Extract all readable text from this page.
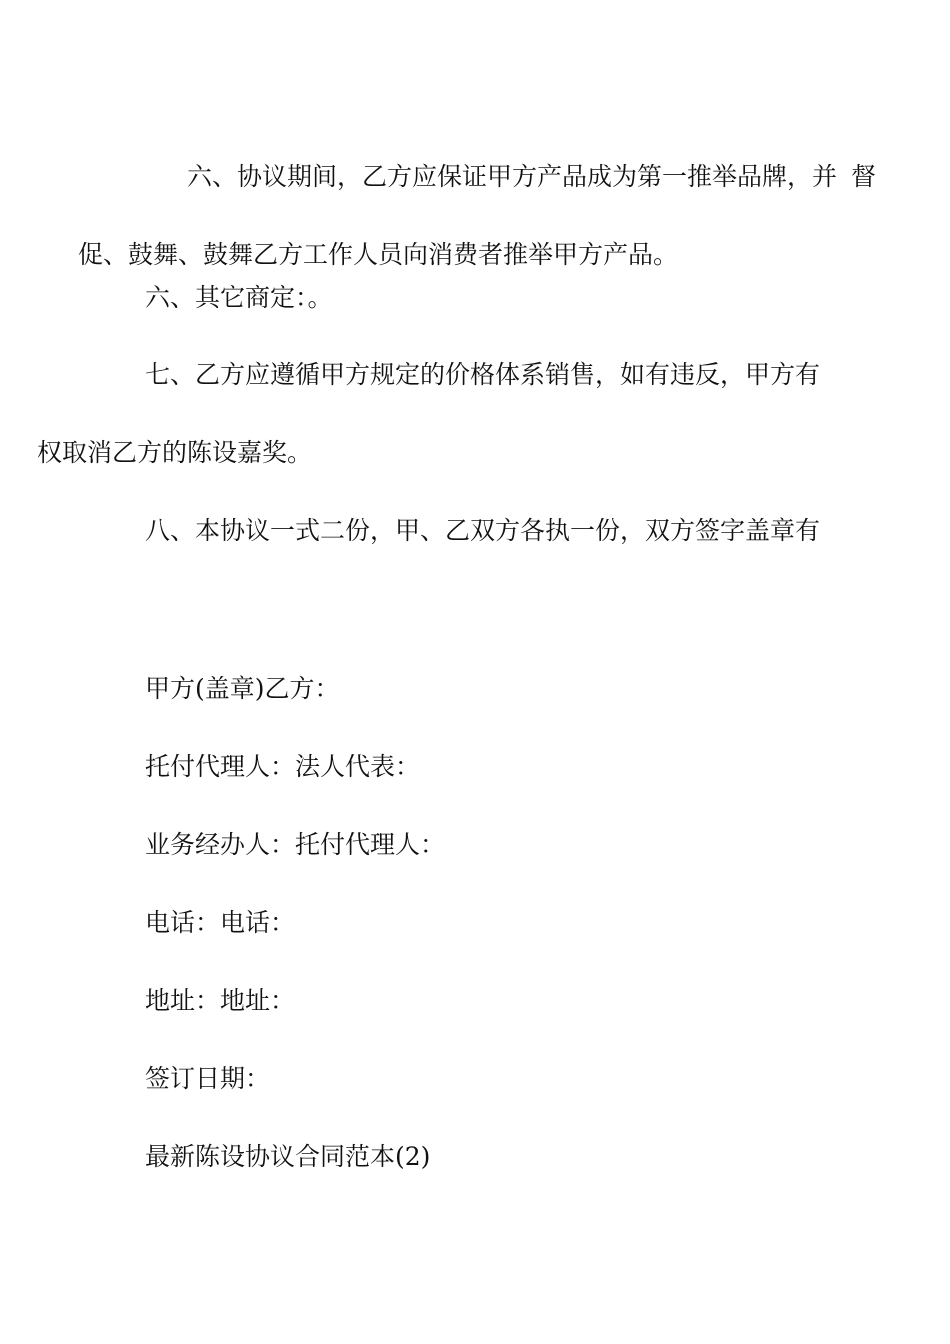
六、协议期间，乙方应保证甲方产品成为第一推举品牌，并 督

促、鼓舞、鼓舞乙方工作人员向消费者推举甲方产品。

六、其它商定：。

七、乙方应遵循甲方规定的价格体系销售，如有违反，甲方有

权取消乙方的陈设嘉奖。

八、本协议一式二份，甲、乙双方各执一份，双方签字盖章有

甲方(盖章)乙方：

托付代理人：法人代表：

业务经办人：托付代理人：

电话：电话：

地址：地址：

签订日期：

最新陈设协议合同范本(2)
